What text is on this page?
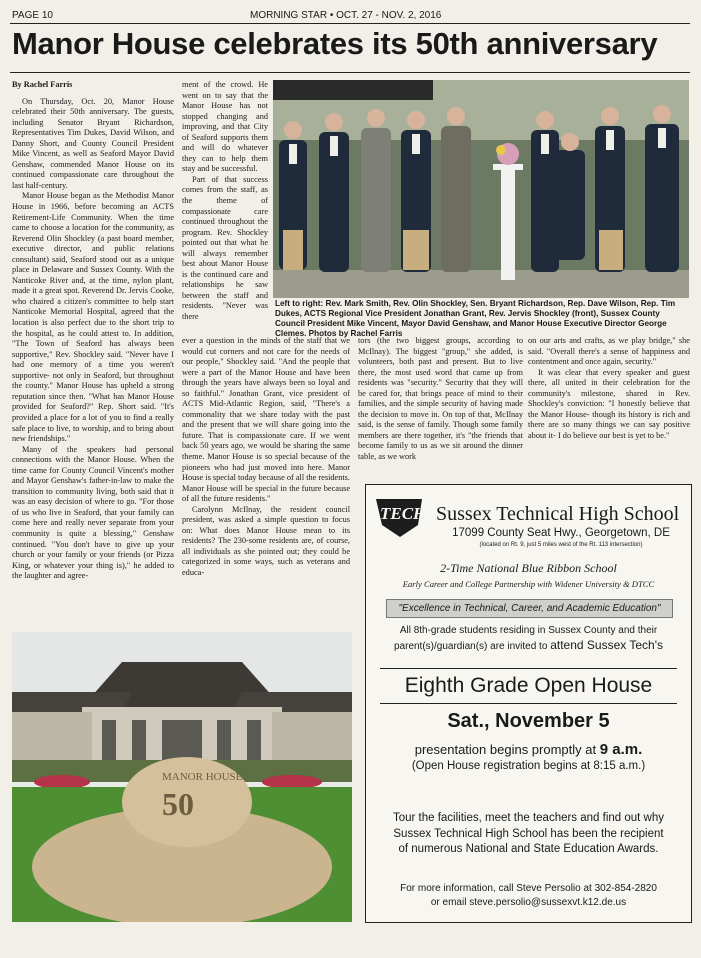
PAGE 10	MORNING STAR • OCT. 27 - NOV. 2, 2016
Manor House celebrates its 50th anniversary

By Rachel Farris

On Thursday, Oct. 20, Manor House celebrated their 50th anniversary. The guests, including Senator Bryant Richardson, Representatives Tim Dukes, David Wilson, and Danny Short, and County Council President Mike Vincent, as well as Seaford Mayor David Genshaw, commended Manor House on its continued compassionate care throughout the last half-century.

Manor House began as the Methodist Manor House in 1966, before becoming an ACTS Retirement-Life Community. When the time came to choose a location for the community, as Reverend Olin Shockley (a past board member, executive director, and public relations consultant) said, Seaford stood out as a unique place in Delaware and Sussex County. With the Nanticoke River and, at the time, nylon plant, made it a great spot. Reverend Dr. Jervis Cooke, who chaired a citizen's committee to help start Nanticoke Memorial Hospital, agreed that the location is also perfect due to the short trip to the hospital, as he could attest to. In addition, "The Town of Seaford has always been supportive," Rev. Shockley said. "Never have I had one memory of a time you weren't supportive- not only in Seaford, but throughout the county." Manor House has upheld a strong reputation since then. "What has Manor House provided for Seaford?" Rep. Short said. "It's provided a place for a lot of you to find a really safe place to live, to worship, and to bring about new friendships."

Many of the speakers had personal connections with the Manor House. When the time came for County Council Vincent's mother and Mayor Genshaw's father-in-law to make the transition to community living, both said that it was an easy decision of where to go. "For those of us who live in Seaford, that your family can come here and really never separate from your community is quite a blessing," Genshaw continued. "You don't have to give up your church or your family or your friends (or Pizza King, or whatever your thing is)," he added to the laughter and agree-

ment of the crowd. He went on to say that the Manor House has not stopped changing and improving, and that City of Seaford supports them and will do whatever they can to help them stay and be successful.

Part of that success comes from the staff, as the theme of compassionate care continued throughout the program. Rev. Shockley pointed out that what he will always remember best about Manor House is the continued care and relationships he saw between the staff and residents. "Never was there

ever a question in the minds of the staff that we would cut corners and not care for the needs of our people," Shockley said. "And the people that were a part of the Manor House and have been through the years have always been so loyal and so faithful." Jonathan Grant, vice president of ACTS Mid-Atlantic Region, said, "There's a commonality that we share today with the past and the present that we will share going into the future. That is compassionate care. If we went back 50 years ago, we would be sharing the same theme. Manor House is so special because of the pioneers who had just moved into here. Manor House is special today because of all the residents. Manor House will be special in the future because of all the future residents."

Carolynn McIlnay, the resident council president, was asked a simple question to focus on: What does Manor House mean to its residents? The 230-some residents are, of course, all individuals as she pointed out; they could be categorized in some ways, such as veterans and educa-

tors (the two biggest groups, according to McIlnay). The biggest "group," she added, is volunteers, both past and present. But to live there, the most used word that came up from residents was "security." Security that they will be cared for, that brings peace of mind to their families, and the simple security of having made the decision to move in. On top of that, McIlnay said, is the sense of family. Though some family members are there together, it's "the friends that become family to us as we sit around the dinner table, as we work

on our arts and crafts, as we play bridge," she said. "Overall there's a sense of happiness and contentment and once again, security."

It was clear that every speaker and guest there, all united in their celebration for the community's milestone, shared in Rev. Shockley's conviction: "I honestly believe that the Manor House- though its history is rich and there are so many things we can say positive about it- I do believe our best is yet to be."

Left to right: Rev. Mark Smith, Rev. Olin Shockley, Sen. Bryant Richardson, Rep. Dave Wilson, Rep. Tim Dukes, ACTS Regional Vice President Jonathan Grant, Rev. Jervis Shockley (front), Sussex County Council President Mike Vincent, Mayor David Genshaw, and Manor House Executive Director George Clemes. Photos by Rachel Farris
MANOR HOUSE
50
TECH Sussex Technical High School
17099 County Seat Hwy., Georgetown, DE
(located on Rt. 9, just 5 miles west of the Rt. 113 intersection)
2-Time National Blue Ribbon School
Early Career and College Partnership with Widener University & DTCC
"Excellence in Technical, Career, and Academic Education"
All 8th-grade students residing in Sussex County and their parent(s)/guardian(s) are invited to attend Sussex Tech's
Eighth Grade Open House
Sat., November 5
presentation begins promptly at 9 a.m.
(Open House registration begins at 8:15 a.m.)
Tour the facilities, meet the teachers and find out why Sussex Technical High School has been the recipient of numerous National and State Education Awards.
For more information, call Steve Persolio at 302-854-2820
or email steve.persolio@sussexvt.k12.de.us
